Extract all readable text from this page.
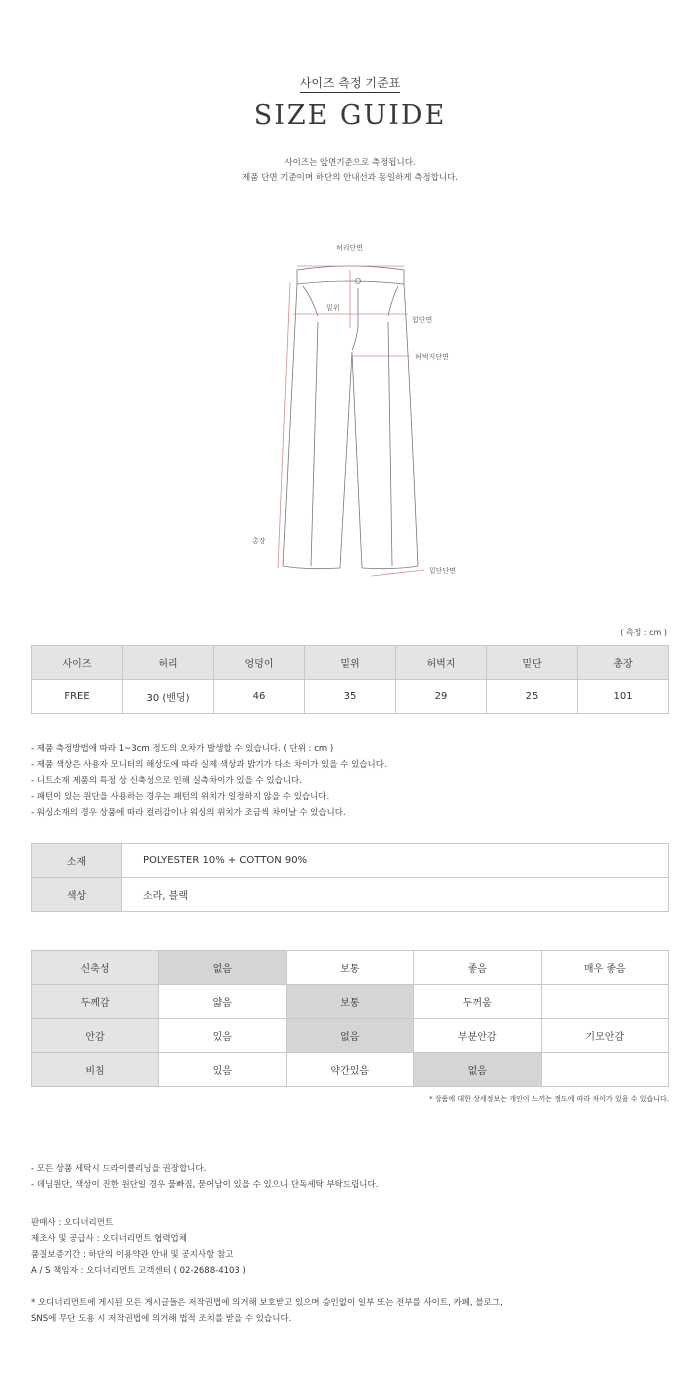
사이즈 측정 기준표
SIZE GUIDE
사이즈는 앞면기준으로 측정됩니다.
제품 단면 기준이며 하단의 안내선과 동일하게 측정합니다.
허리단면
밑위
힙단면
허벅지단면
총장
밑단단면
( 측정 : cm )
사이즈	허리	엉덩이	밑위	허벅지	밑단	총장
FREE	30 (밴딩)	46	35	29	25	101
- 제품 측정방법에 따라 1~3cm 정도의 오차가 발생할 수 있습니다. ( 단위 : cm )
- 제품 색상은 사용자 모니터의 해상도에 따라 실제 색상과 밝기가 다소 차이가 있을 수 있습니다.
- 니트소재 제품의 특정 상 신축성으로 인해 실측차이가 있을 수 있습니다.
- 패턴이 있는 원단을 사용하는 경우는 패턴의 위치가 일정하지 않을 수 있습니다.
- 워싱소재의 경우 상품에 따라 컬러감이나 워싱의 위치가 조금씩 차이날 수 있습니다.
소재	POLYESTER 10% + COTTON 90%
색상	소라, 블랙
신축성	없음	보통	좋음	매우 좋음
두께감	얇음	보통	두꺼움	
안감	있음	없음	부분안감	기모안감
비침	있음	약간있음	없음	
* 상품에 대한 상세정보는 개인이 느끼는 정도에 따라 차이가 있을 수 있습니다.
- 모든 상품 세탁시 드라이클리닝을 권장합니다.
- 데님원단, 색상이 진한 원단일 경우 물빠짐, 묻어남이 있을 수 있으니 단독세탁 부탁드립니다.
판매사 : 오디너리먼트
제조사 및 공급사 : 오디너리먼트 협력업체
품질보증기간 : 하단의 이용약관 안내 및 공지사항 참고
A / S 책임자 : 오디너리먼트 고객센터 ( 02-2688-4103 )
* 오디너리먼트에 게시된 모든 게시글들은 저작권법에 의거해 보호받고 있으며 승인없이 일부 또는 전부를 사이트, 카페, 블로그,
SNS에 무단 도용 시 저작권법에 의거해 법적 조치를 받을 수 있습니다.
